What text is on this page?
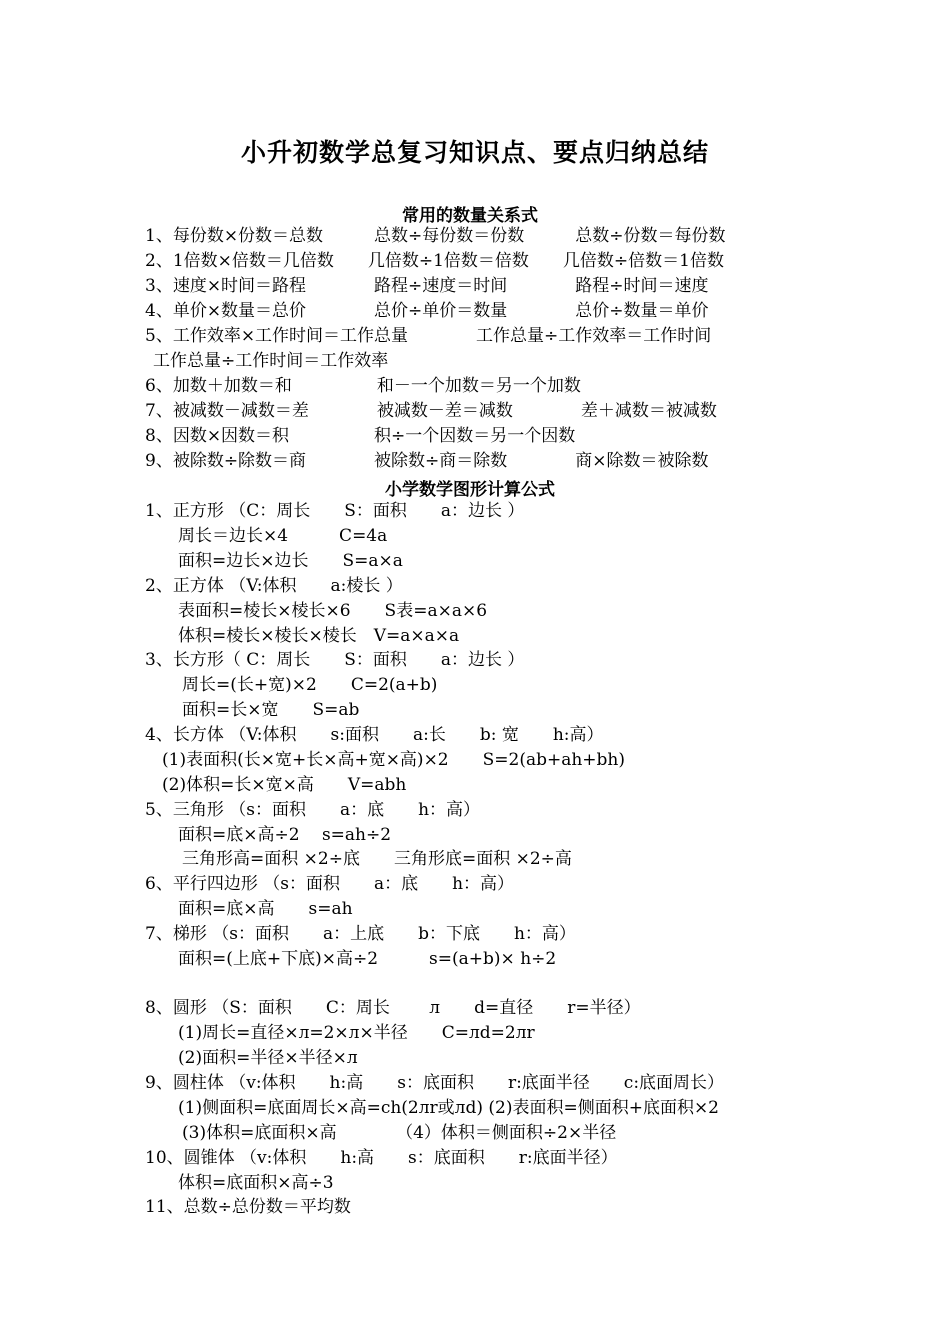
小升初数学总复习知识点、要点归纳总结
常用的数量关系式
1、每份数×份数＝总数　　　总数÷每份数＝份数　　　总数÷份数＝每份数
2、1倍数×倍数＝几倍数　　几倍数÷1倍数＝倍数　　几倍数÷倍数＝1倍数
3、速度×时间＝路程　　　　路程÷速度＝时间　　　　路程÷时间＝速度
4、单价×数量＝总价　　　　总价÷单价＝数量　　　　总价÷数量＝单价
5、工作效率×工作时间＝工作总量　　　　工作总量÷工作效率＝工作时间
工作总量÷工作时间＝工作效率
6、加数＋加数＝和　　　　　和－一个加数＝另一个加数
7、被减数－减数＝差　　　　被减数－差＝减数　　　　差＋减数＝被减数
8、因数×因数＝积　　　　　积÷一个因数＝另一个因数
9、被除数÷除数＝商　　　　被除数÷商＝除数　　　　商×除数＝被除数
小学数学图形计算公式
1、正方形 （C：周长　　S：面积　　a：边长 ）
周长＝边长×4　　　C=4a
面积=边长×边长　　S=a×a
2、正方体 （V:体积　　a:棱长 ）
表面积=棱长×棱长×6　　S表=a×a×6
体积=棱长×棱长×棱长　V=a×a×a
3、长方形（ C：周长　　S：面积　　a：边长 ）
周长=(长+宽)×2　　C=2(a+b)
面积=长×宽　　S=ab
4、长方体 （V:体积　　s:面积　　a:长　　b: 宽　　h:高）
(1)表面积(长×宽+长×高+宽×高)×2　　S=2(ab+ah+bh)
(2)体积=长×宽×高　　V=abh
5、三角形 （s：面积　　a：底　　h：高）
面积=底×高÷2　 s=ah÷2
三角形高=面积 ×2÷底　　三角形底=面积 ×2÷高
6、平行四边形 （s：面积　　a：底　　h：高）
面积=底×高　　s=ah
7、梯形 （s：面积　　a：上底　　b：下底　　h：高）
面积=(上底+下底)×高÷2　　　s=(a+b)× h÷2
8、圆形 （S：面积　　C：周长　　 л　　d=直径　　r=半径）
(1)周长=直径×л=2×л×半径　　C=лd=2лr
(2)面积=半径×半径×л
9、圆柱体 （v:体积　　h:高　　s：底面积　　r:底面半径　　c:底面周长）
(1)侧面积=底面周长×高=ch(2лr或лd) (2)表面积=侧面积+底面积×2
(3)体积=底面积×高　　　　（4）体积＝侧面积÷2×半径
10、圆锥体 （v:体积　　h:高　　s：底面积　　r:底面半径）
体积=底面积×高÷3
11、总数÷总份数＝平均数
